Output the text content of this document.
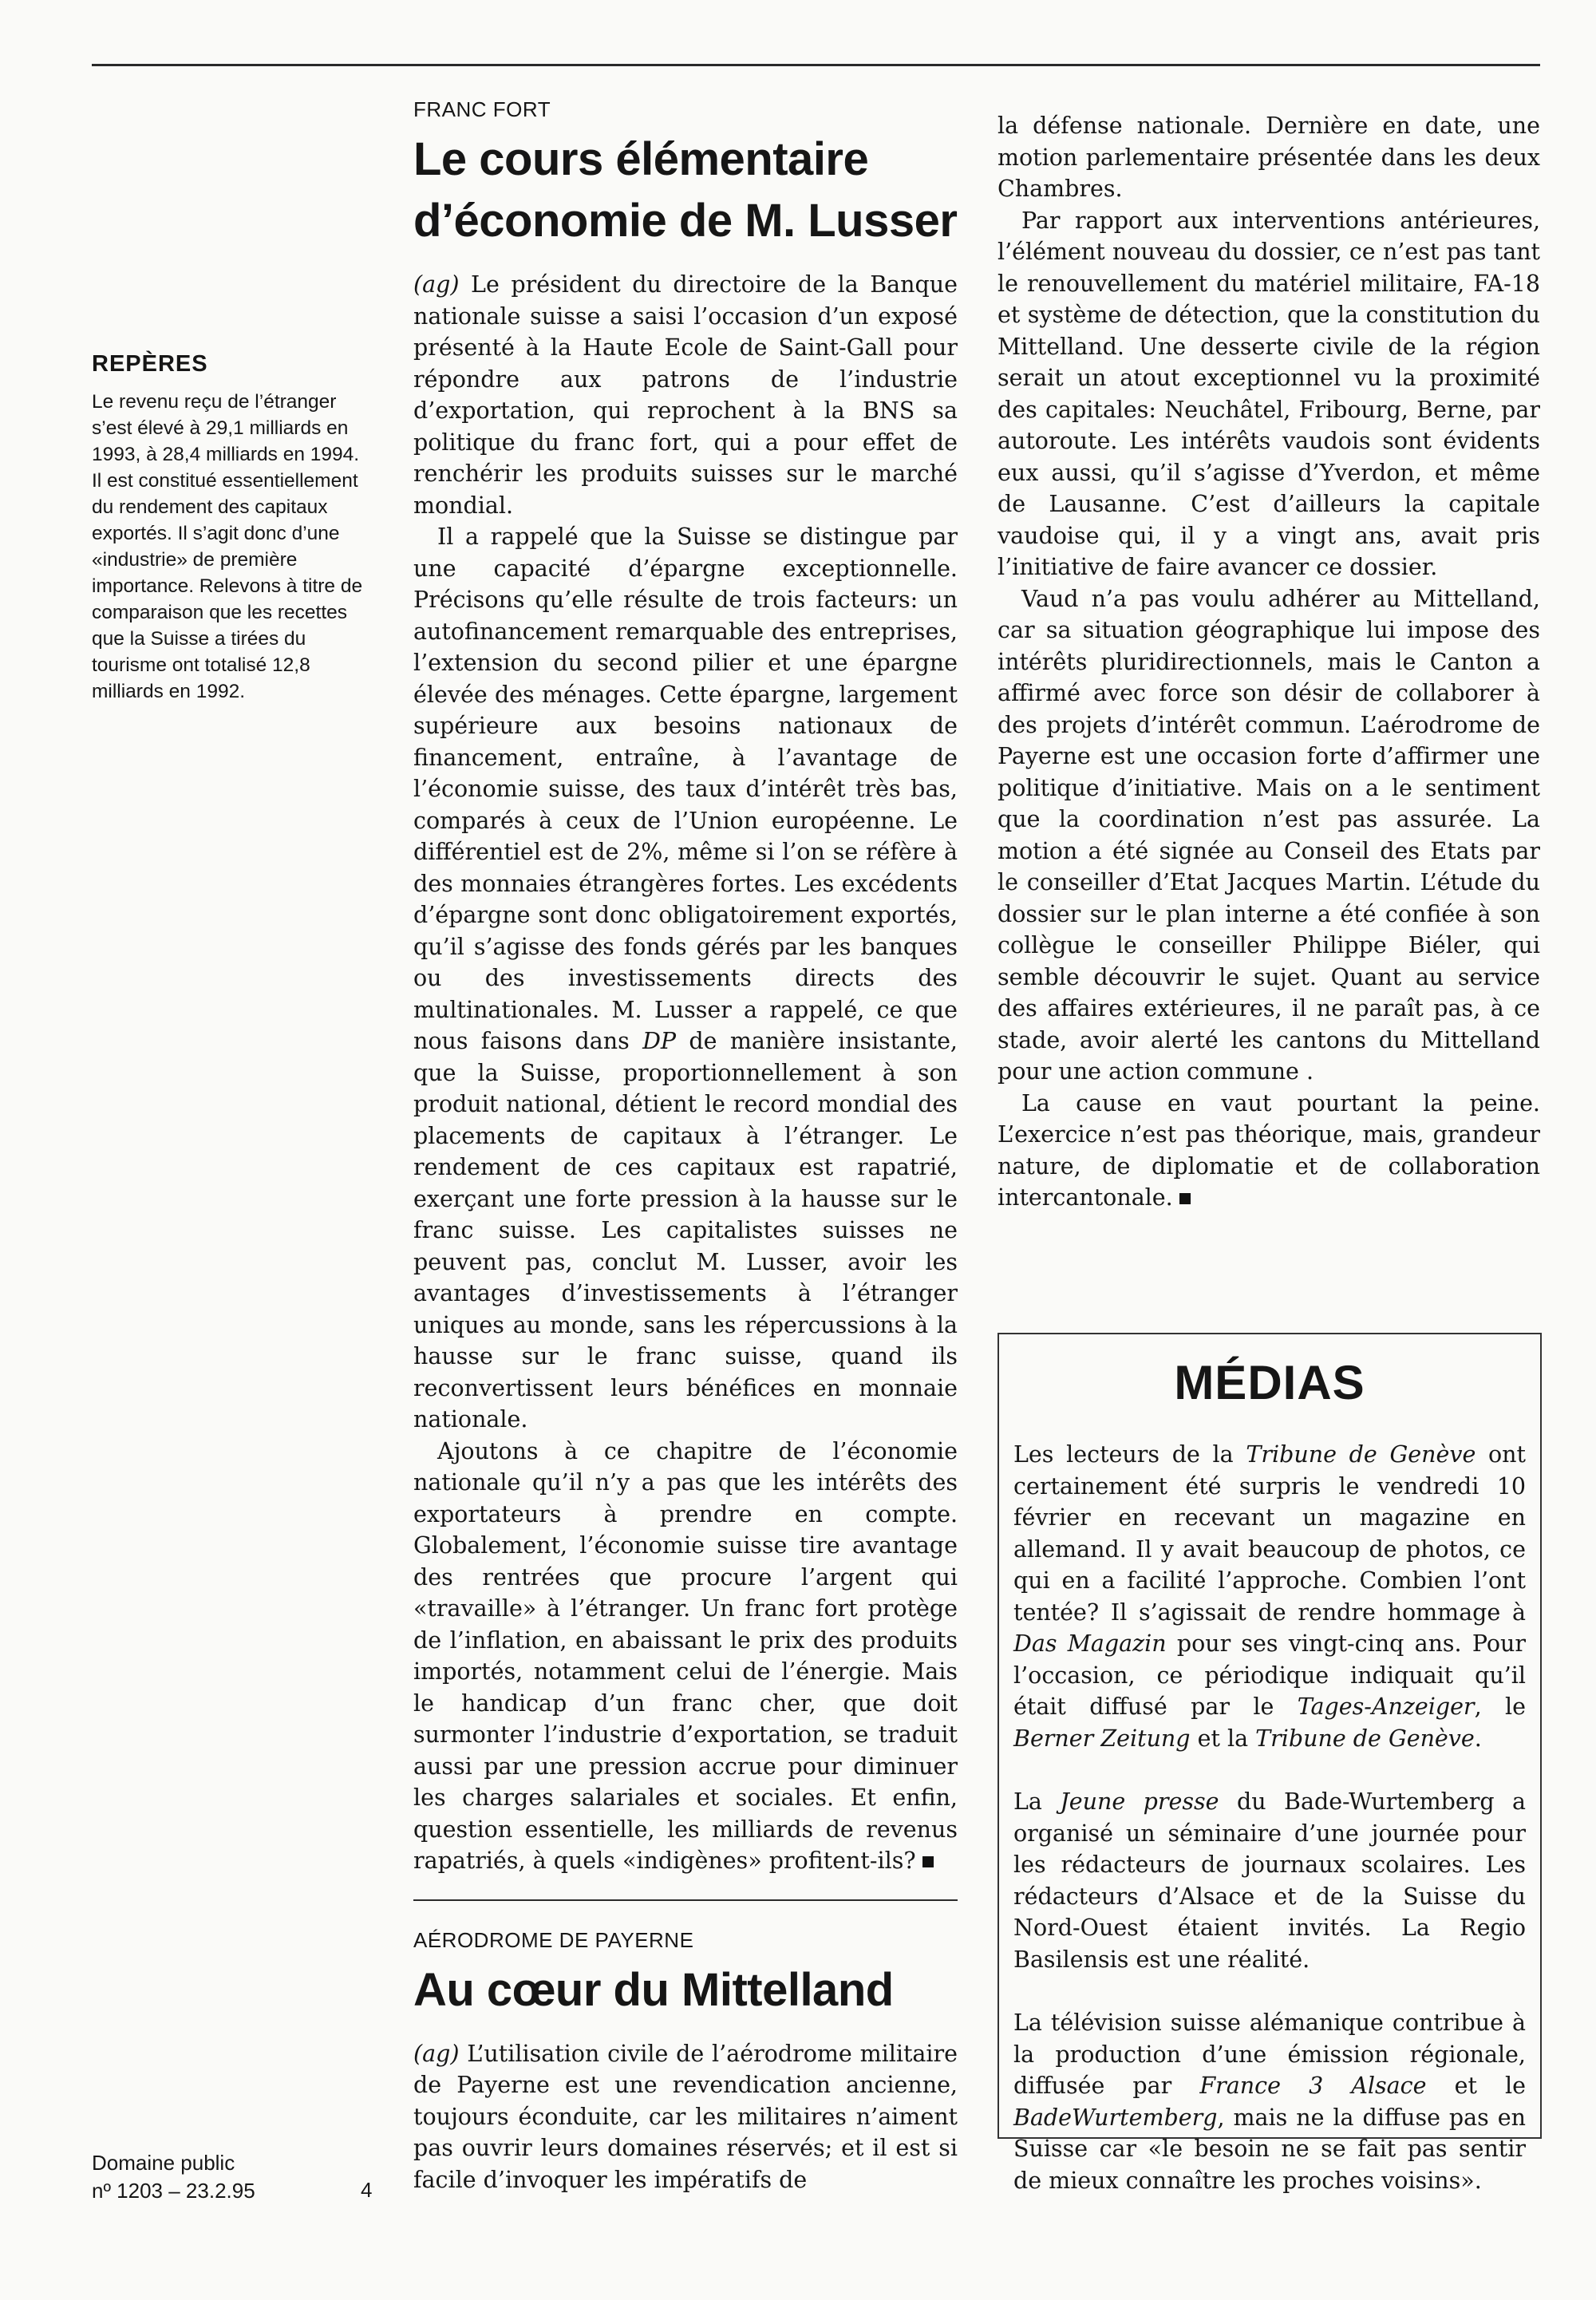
REPÈRES
Le revenu reçu de l’étranger s’est élevé à 29,1 milliards en 1993, à 28,4 milliards en 1994. Il est constitué essentiellement du rendement des capitaux exportés. Il s’agit donc d’une «industrie» de première importance. Relevons à titre de comparaison que les recettes que la Suisse a tirées du tourisme ont totalisé 12,8 milliards en 1992.
Domaine public
nº 1203 – 23.2.95	4
FRANC FORT
Le cours élémentaire d’économie de M. Lusser

(ag) Le président du directoire de la Banque nationale suisse a saisi l’occasion d’un exposé présenté à la Haute Ecole de Saint-Gall pour répondre aux patrons de l’industrie d’exportation, qui reprochent à la BNS sa politique du franc fort, qui a pour effet de renchérir les produits suisses sur le marché mondial.

Il a rappelé que la Suisse se distingue par une capacité d’épargne exceptionnelle. Précisons qu’elle résulte de trois facteurs: un autofinancement remarquable des entreprises, l’extension du second pilier et une épargne élevée des ménages. Cette épargne, largement supérieure aux besoins nationaux de financement, entraîne, à l’avantage de l’économie suisse, des taux d’intérêt très bas, comparés à ceux de l’Union européenne. Le différentiel est de 2%, même si l’on se réfère à des monnaies étrangères fortes. Les excédents d’épargne sont donc obligatoirement exportés, qu’il s’agisse des fonds gérés par les banques ou des investissements directs des multinationales. M. Lusser a rappelé, ce que nous faisons dans DP de manière insistante, que la Suisse, proportionnellement à son produit national, détient le record mondial des placements de capitaux à l’étranger. Le rendement de ces capitaux est rapatrié, exerçant une forte pression à la hausse sur le franc suisse. Les capitalistes suisses ne peuvent pas, conclut M. Lusser, avoir les avantages d’investissements à l’étranger uniques au monde, sans les répercussions à la hausse sur le franc suisse, quand ils reconvertissent leurs bénéfices en monnaie nationale.

Ajoutons à ce chapitre de l’économie nationale qu’il n’y a pas que les intérêts des exportateurs à prendre en compte. Globalement, l’économie suisse tire avantage des rentrées que procure l’argent qui «travaille» à l’étranger. Un franc fort protège de l’inflation, en abaissant le prix des produits importés, notamment celui de l’énergie. Mais le handicap d’un franc cher, que doit surmonter l’industrie d’exportation, se traduit aussi par une pression accrue pour diminuer les charges salariales et sociales. Et enfin, question essentielle, les milliards de revenus rapatriés, à quels «indigènes» profitent-ils?

AÉRODROME DE PAYERNE
Au cœur du Mittelland

(ag) L’utilisation civile de l’aérodrome militaire de Payerne est une revendication ancienne, toujours éconduite, car les militaires n’aiment pas ouvrir leurs domaines réservés; et il est si facile d’invoquer les impératifs de

la défense nationale. Dernière en date, une motion parlementaire présentée dans les deux Chambres.

Par rapport aux interventions antérieures, l’élément nouveau du dossier, ce n’est pas tant le renouvellement du matériel militaire, FA-18 et système de détection, que la constitution du Mittelland. Une desserte civile de la région serait un atout exceptionnel vu la proximité des capitales: Neuchâtel, Fribourg, Berne, par autoroute. Les intérêts vaudois sont évidents eux aussi, qu’il s’agisse d’Yverdon, et même de Lausanne. C’est d’ailleurs la capitale vaudoise qui, il y a vingt ans, avait pris l’initiative de faire avancer ce dossier.

Vaud n’a pas voulu adhérer au Mittelland, car sa situation géographique lui impose des intérêts pluridirectionnels, mais le Canton a affirmé avec force son désir de collaborer à des projets d’intérêt commun. L’aérodrome de Payerne est une occasion forte d’affirmer une politique d’initiative. Mais on a le sentiment que la coordination n’est pas assurée. La motion a été signée au Conseil des Etats par le conseiller d’Etat Jacques Martin. L’étude du dossier sur le plan interne a été confiée à son collègue le conseiller Philippe Biéler, qui semble découvrir le sujet. Quant au service des affaires extérieures, il ne paraît pas, à ce stade, avoir alerté les cantons du Mittelland pour une action commune .

La cause en vaut pourtant la peine. L’exercice n’est pas théorique, mais, grandeur nature, de diplomatie et de collaboration intercantonale.

MÉDIAS

Les lecteurs de la Tribune de Genève ont certainement été surpris le vendredi 10 février en recevant un magazine en allemand. Il y avait beaucoup de photos, ce qui en a facilité l’approche. Combien l’ont tentée? Il s’agissait de rendre hommage à Das Magazin pour ses vingt-cinq ans. Pour l’occasion, ce périodique indiquait qu’il était diffusé par le Tages-Anzeiger, le Berner Zeitung et la Tribune de Genève.

La Jeune presse du Bade-Wurtemberg a organisé un séminaire d’une journée pour les rédacteurs de journaux scolaires. Les rédacteurs d’Alsace et de la Suisse du Nord-Ouest étaient invités. La Regio Basilensis est une réalité.

La télévision suisse alémanique contribue à la production d’une émission régionale, diffusée par France 3 Alsace et le BadeWurtemberg, mais ne la diffuse pas en Suisse car «le besoin ne se fait pas sentir de mieux connaître les proches voisins».
